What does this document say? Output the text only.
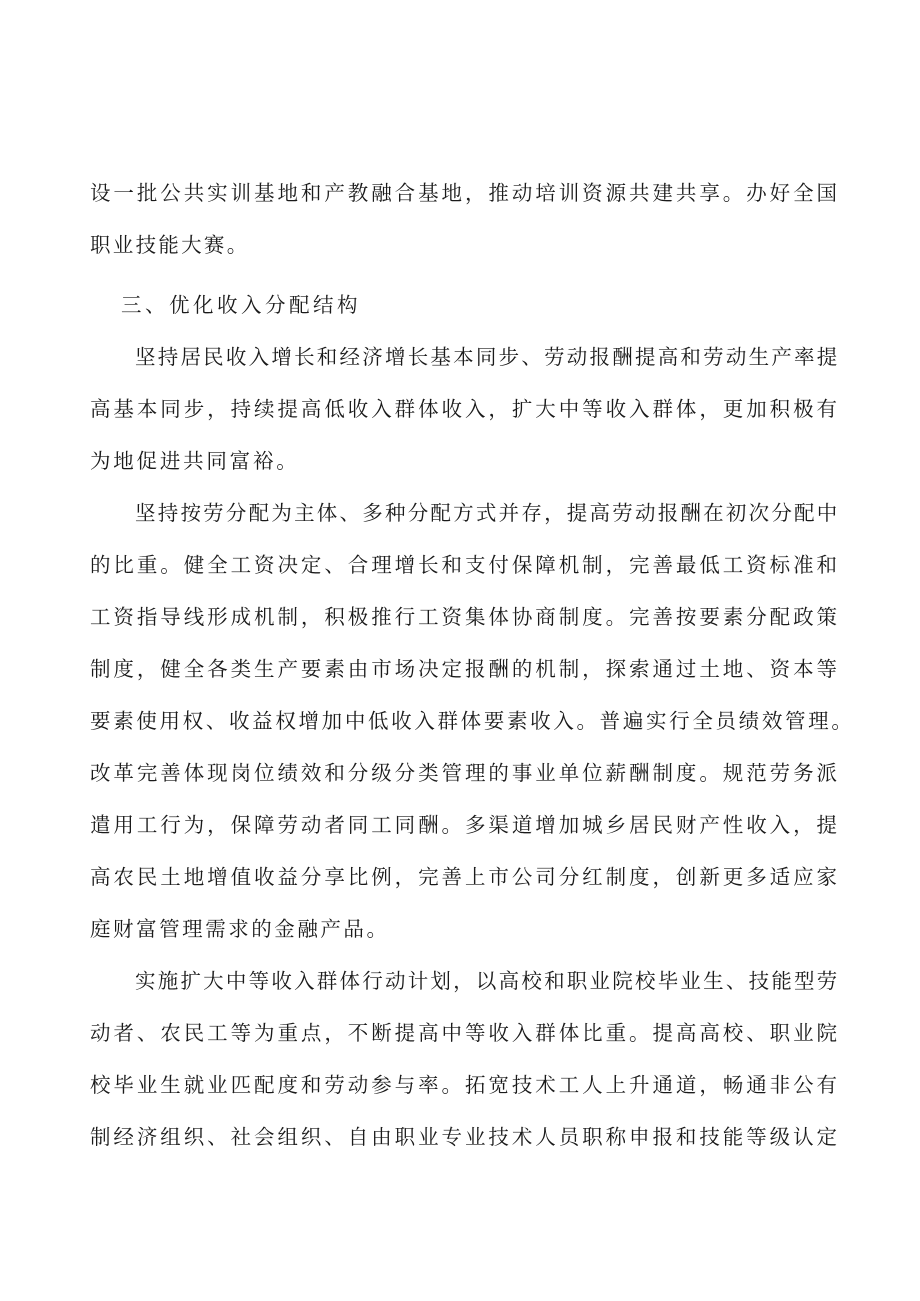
设一批公共实训基地和产教融合基地，推动培训资源共建共享。办好全国
职业技能大赛。
三、优化收入分配结构
坚持居民收入增长和经济增长基本同步、劳动报酬提高和劳动生产率提
高基本同步，持续提高低收入群体收入，扩大中等收入群体，更加积极有
为地促进共同富裕。
坚持按劳分配为主体、多种分配方式并存，提高劳动报酬在初次分配中
的比重。健全工资决定、合理增长和支付保障机制，完善最低工资标准和
工资指导线形成机制，积极推行工资集体协商制度。完善按要素分配政策
制度，健全各类生产要素由市场决定报酬的机制，探索通过土地、资本等
要素使用权、收益权增加中低收入群体要素收入。普遍实行全员绩效管理。
改革完善体现岗位绩效和分级分类管理的事业单位薪酬制度。规范劳务派
遣用工行为，保障劳动者同工同酬。多渠道增加城乡居民财产性收入，提
高农民土地增值收益分享比例，完善上市公司分红制度，创新更多适应家
庭财富管理需求的金融产品。
实施扩大中等收入群体行动计划，以高校和职业院校毕业生、技能型劳
动者、农民工等为重点，不断提高中等收入群体比重。提高高校、职业院
校毕业生就业匹配度和劳动参与率。拓宽技术工人上升通道，畅通非公有
制经济组织、社会组织、自由职业专业技术人员职称申报和技能等级认定
